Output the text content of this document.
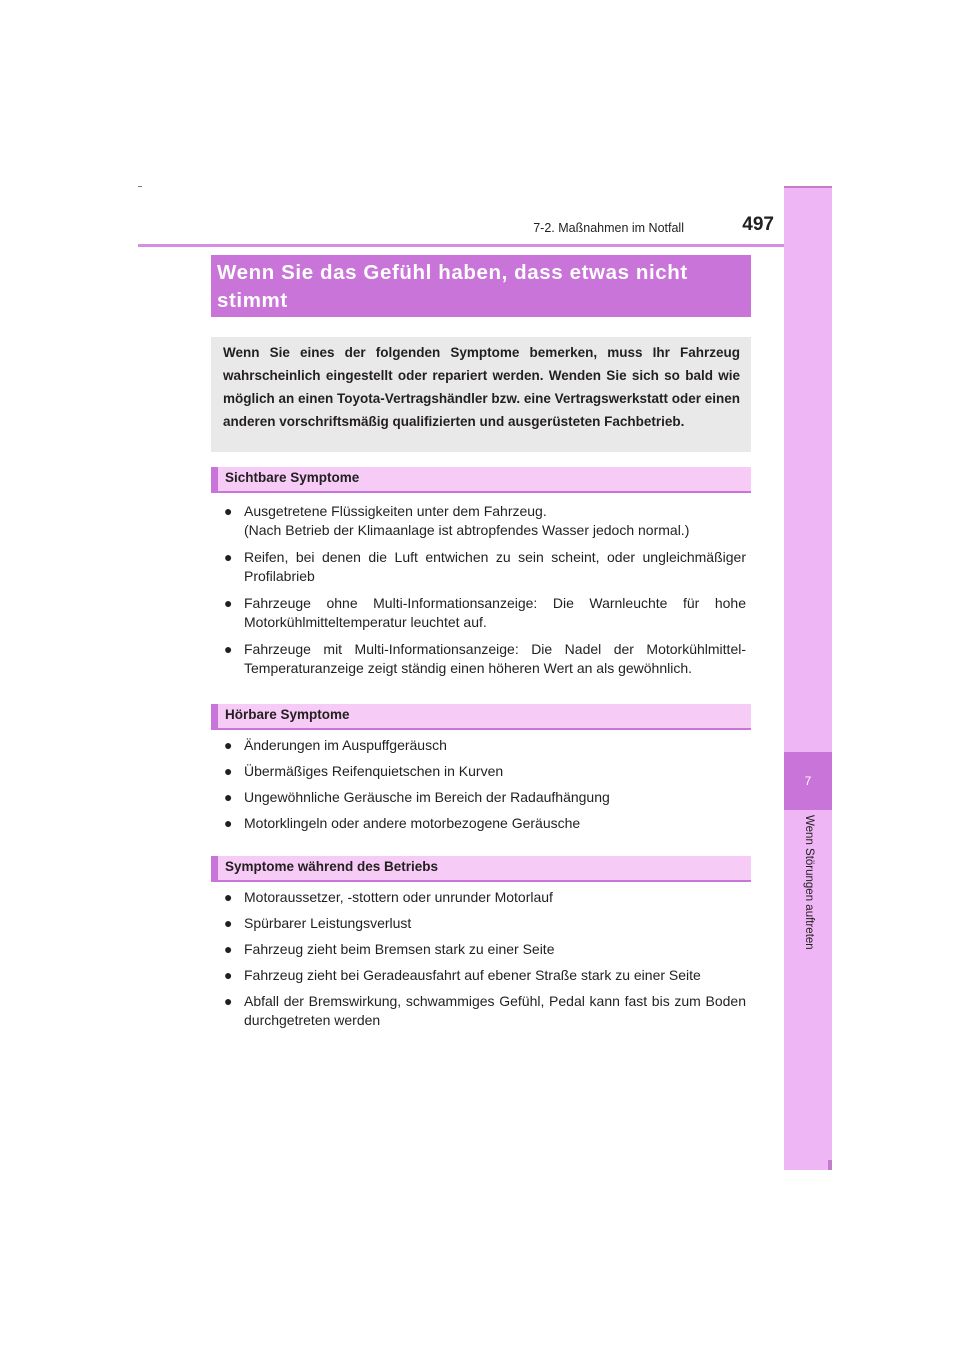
7-2. Maßnahmen im Notfall	497
7
Wenn Störungen auftreten
Wenn Sie das Gefühl haben, dass etwas nicht
stimmt

Wenn Sie eines der folgenden Symptome bemerken, muss Ihr Fahrzeug wahrscheinlich eingestellt oder repariert werden. Wenden Sie sich so bald wie möglich an einen Toyota-Vertragshändler bzw. eine Vertragswerkstatt oder einen anderen vorschriftsmäßig qualifizierten und ausgerüsteten Fachbetrieb.

Sichtbare Symptome
● Ausgetretene Flüssigkeiten unter dem Fahrzeug.
(Nach Betrieb der Klimaanlage ist abtropfendes Wasser jedoch normal.)
● Reifen, bei denen die Luft entwichen zu sein scheint, oder ungleichmäßiger Profilabrieb
● Fahrzeuge ohne Multi-Informationsanzeige: Die Warnleuchte für hohe Motorkühlmitteltemperatur leuchtet auf.
● Fahrzeuge mit Multi-Informationsanzeige: Die Nadel der Motorkühlmittel-Temperaturanzeige zeigt ständig einen höheren Wert an als gewöhnlich.
Hörbare Symptome
● Änderungen im Auspuffgeräusch
● Übermäßiges Reifenquietschen in Kurven
● Ungewöhnliche Geräusche im Bereich der Radaufhängung
● Motorklingeln oder andere motorbezogene Geräusche
Symptome während des Betriebs
● Motoraussetzer, -stottern oder unrunder Motorlauf
● Spürbarer Leistungsverlust
● Fahrzeug zieht beim Bremsen stark zu einer Seite
● Fahrzeug zieht bei Geradeausfahrt auf ebener Straße stark zu einer Seite
● Abfall der Bremswirkung, schwammiges Gefühl, Pedal kann fast bis zum Boden durchgetreten werden
